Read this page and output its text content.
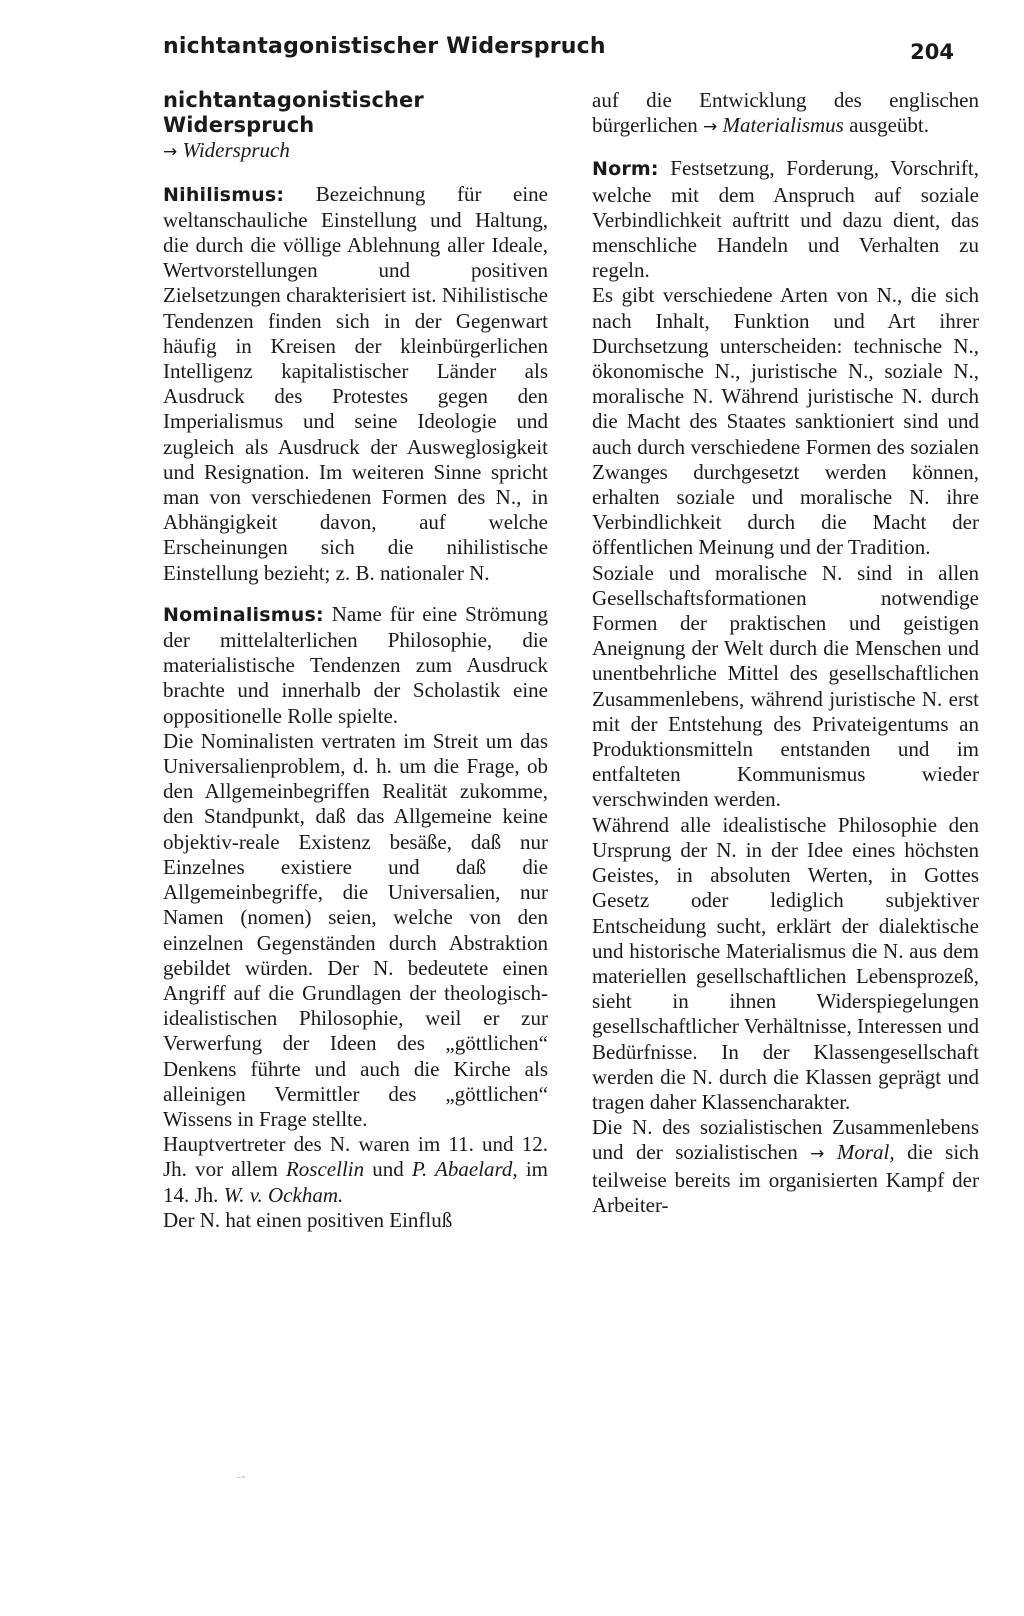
nichtantagonistischer Widerspruch	204

nichtantagonistischer Widerspruch
→ Widerspruch

Nihilismus: Bezeichnung für eine weltanschauliche Einstellung und Haltung, die durch die völlige Ablehnung aller Ideale, Wertvorstellungen und positiven Zielsetzungen charakterisiert ist. Nihilistische Tendenzen finden sich in der Gegenwart häufig in Kreisen der kleinbürgerlichen Intelligenz kapitalistischer Länder als Ausdruck des Protestes gegen den Imperialismus und seine Ideologie und zugleich als Ausdruck der Ausweglosigkeit und Resignation. Im weiteren Sinne spricht man von verschiedenen Formen des N., in Abhängigkeit davon, auf welche Erscheinungen sich die nihilistische Einstellung bezieht; z. B. nationaler N.

Nominalismus: Name für eine Strömung der mittelalterlichen Philosophie, die materialistische Tendenzen zum Ausdruck brachte und innerhalb der Scholastik eine oppositionelle Rolle spielte.

Die Nominalisten vertraten im Streit um das Universalienproblem, d. h. um die Frage, ob den Allgemeinbegriffen Realität zukomme, den Standpunkt, daß das Allgemeine keine objektiv-reale Existenz besäße, daß nur Einzelnes existiere und daß die Allgemeinbegriffe, die Universalien, nur Namen (nomen) seien, welche von den einzelnen Gegenständen durch Abstraktion gebildet würden. Der N. bedeutete einen Angriff auf die Grundlagen der theologisch-idealistischen Philosophie, weil er zur Verwerfung der Ideen des „göttlichen“ Denkens führte und auch die Kirche als alleinigen Vermittler des „göttlichen“ Wissens in Frage stellte.

Hauptvertreter des N. waren im 11. und 12. Jh. vor allem Roscellin und P. Abaelard, im 14. Jh. W. v. Ockham.

Der N. hat einen positiven Einfluß

auf die Entwicklung des englischen bürgerlichen → Materialismus ausgeübt.

Norm: Festsetzung, Forderung, Vorschrift, welche mit dem Anspruch auf soziale Verbindlichkeit auftritt und dazu dient, das menschliche Handeln und Verhalten zu regeln.

Es gibt verschiedene Arten von N., die sich nach Inhalt, Funktion und Art ihrer Durchsetzung unterscheiden: technische N., ökonomische N., juristische N., soziale N., moralische N. Während juristische N. durch die Macht des Staates sanktioniert sind und auch durch verschiedene Formen des sozialen Zwanges durchgesetzt werden können, erhalten soziale und moralische N. ihre Verbindlichkeit durch die Macht der öffentlichen Meinung und der Tradition.

Soziale und moralische N. sind in allen Gesellschaftsformationen notwendige Formen der praktischen und geistigen Aneignung der Welt durch die Menschen und unentbehrliche Mittel des gesellschaftlichen Zusammenlebens, während juristische N. erst mit der Entstehung des Privateigentums an Produktionsmitteln entstanden und im entfalteten Kommunismus wieder verschwinden werden.

Während alle idealistische Philosophie den Ursprung der N. in der Idee eines höchsten Geistes, in absoluten Werten, in Gottes Gesetz oder lediglich subjektiver Entscheidung sucht, erklärt der dialektische und historische Materialismus die N. aus dem materiellen gesellschaftlichen Lebensprozeß, sieht in ihnen Widerspiegelungen gesellschaftlicher Verhältnisse, Interessen und Bedürfnisse. In der Klassengesellschaft werden die N. durch die Klassen geprägt und tragen daher Klassencharakter.

Die N. des sozialistischen Zusammenlebens und der sozialistischen → Moral, die sich teilweise bereits im organisierten Kampf der Arbeiter-

⁻⁼
